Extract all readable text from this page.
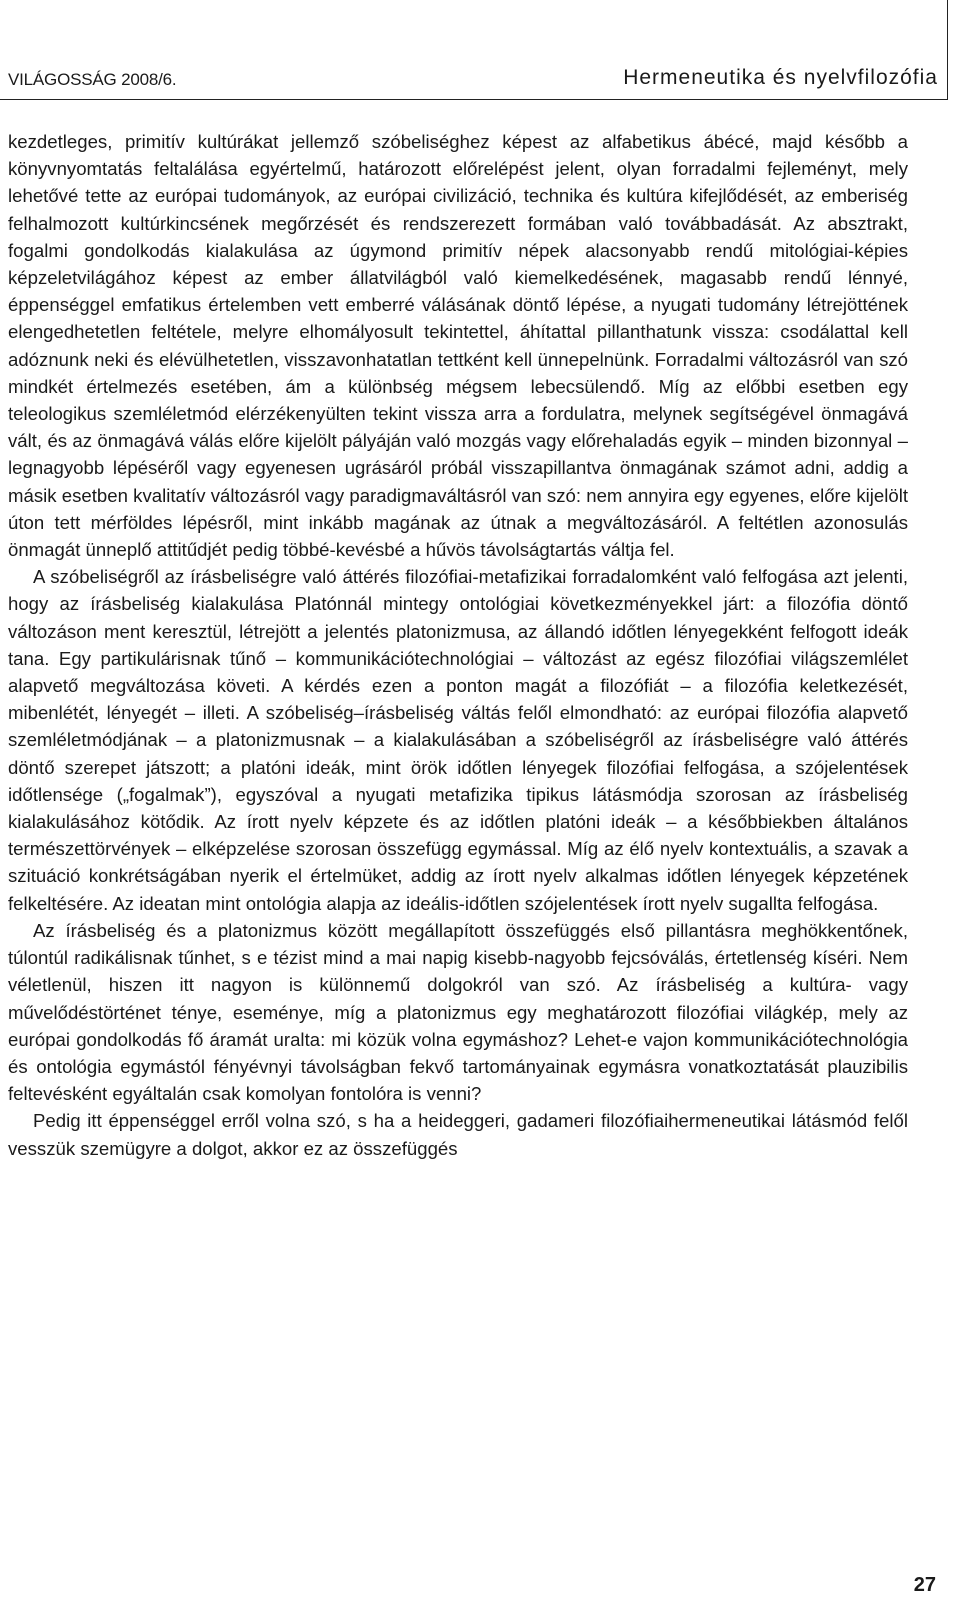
VILÁGOSSÁG 2008/6.	Hermeneutika és nyelvfilozófia

kezdetleges, primitív kultúrákat jellemző szóbeliséghez képest az alfabetikus ábécé, majd később a könyvnyomtatás feltalálása egyértelmű, határozott előrelépést jelent, olyan forradalmi fejleményt, mely lehetővé tette az európai tudományok, az európai civilizáció, technika és kultúra kifejlődését, az emberiség felhalmozott kultúrkincsének megőrzését és rendszerezett formában való továbbadását. Az absztrakt, fogalmi gondolkodás kialakulása az úgymond primitív népek alacsonyabb rendű mitológiai-képies képzeletvilágához képest az ember állatvilágból való kiemelkedésének, magasabb rendű lénnyé, éppenséggel emfatikus értelemben vett emberré válásának döntő lépése, a nyugati tudomány létrejöttének elengedhetetlen feltétele, melyre elhomályosult tekintettel, áhítattal pillanthatunk vissza: csodálattal kell adóznunk neki és elévülhetetlen, visszavonhatatlan tettként kell ünnepelnünk. Forradalmi változásról van szó mindkét értelmezés esetében, ám a különbség mégsem lebecsülendő. Míg az előbbi esetben egy teleologikus szemléletmód elérzékenyülten tekint vissza arra a fordulatra, melynek segítségével önmagává vált, és az önmagává válás előre kijelölt pályáján való mozgás vagy előrehaladás egyik – minden bizonnyal – legnagyobb lépéséről vagy egyenesen ugrásáról próbál visszapillantva önmagának számot adni, addig a másik esetben kvalitatív változásról vagy paradigmaváltásról van szó: nem annyira egy egyenes, előre kijelölt úton tett mérföldes lépésről, mint inkább magának az útnak a megváltozásáról. A feltétlen azonosulás önmagát ünneplő attitűdjét pedig többé-kevésbé a hűvös távolságtartás váltja fel.

A szóbeliségről az írásbeliségre való áttérés filozófiai-metafizikai forradalomként való felfogása azt jelenti, hogy az írásbeliség kialakulása Platónnál mintegy ontológiai következményekkel járt: a filozófia döntő változáson ment keresztül, létrejött a jelentés platonizmusa, az állandó időtlen lényegekként felfogott ideák tana. Egy partikulárisnak tűnő – kommunikációtechnológiai – változást az egész filozófiai világszemlélet alapvető megváltozása követi. A kérdés ezen a ponton magát a filozófiát – a filozófia keletkezését, mibenlétét, lényegét – illeti. A szóbeliség–írásbeliség váltás felől elmondható: az európai filozófia alapvető szemléletmódjának – a platonizmusnak – a kialakulásában a szóbeliségről az írásbeliségre való áttérés döntő szerepet játszott; a platóni ideák, mint örök időtlen lényegek filozófiai felfogása, a szójelentések időtlensége („fogalmak”), egyszóval a nyugati metafizika tipikus látásmódja szorosan az írásbeliség kialakulásához kötődik. Az írott nyelv képzete és az időtlen platóni ideák – a későbbiekben általános természettörvények – elképzelése szorosan összefügg egymással. Míg az élő nyelv kontextuális, a szavak a szituáció konkrétságában nyerik el értelmüket, addig az írott nyelv alkalmas időtlen lényegek képzetének felkeltésére. Az ideatan mint ontológia alapja az ideális-időtlen szójelentések írott nyelv sugallta felfogása.

Az írásbeliség és a platonizmus között megállapított összefüggés első pillantásra meghökkentőnek, túlontúl radikálisnak tűnhet, s e tézist mind a mai napig kisebb-nagyobb fejcsóválás, értetlenség kíséri. Nem véletlenül, hiszen itt nagyon is különnemű dolgokról van szó. Az írásbeliség a kultúra- vagy művelődéstörténet ténye, eseménye, míg a platonizmus egy meghatározott filozófiai világkép, mely az európai gondolkodás fő áramát uralta: mi közük volna egymáshoz? Lehet-e vajon kommunikációtechnológia és ontológia egymástól fényévnyi távolságban fekvő tartományainak egymásra vonatkoztatását plauzibilis feltevésként egyáltalán csak komolyan fontolóra is venni?

Pedig itt éppenséggel erről volna szó, s ha a heideggeri, gadameri filozófiaihermeneutikai látásmód felől vesszük szemügyre a dolgot, akkor ez az összefüggés

27
